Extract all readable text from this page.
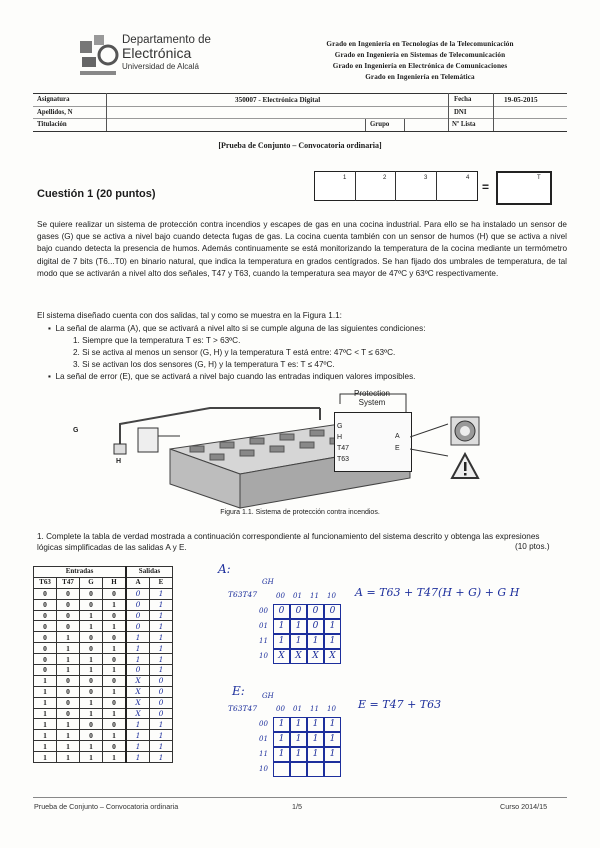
Departamento de
Electrónica
Universidad de Alcalá
Grado en Ingeniería en Tecnologías de la Telecomunicación
Grado en Ingeniería en Sistemas de Telecomunicación
Grado en Ingeniería en Electrónica de Comunicaciones
Grado en Ingeniería en Telemática
Asignatura	350007 - Electrónica Digital	Fecha	19-05-2015
Apellidos, N	DNI
Titulación	Grupo	Nº Lista
[Prueba de Conjunto – Convocatoria ordinaria]
Cuestión 1 (20 puntos)
1	2	3	4
=
T
Se quiere realizar un sistema de protección contra incendios y escapes de gas en una cocina industrial. Para ello se ha instalado un sensor de gases (G) que se activa a nivel bajo cuando detecta fugas de gas. La cocina cuenta también con un sensor de humos (H) que se activa a nivel bajo cuando detecta la presencia de humos. Además continuamente se está monitorizando la temperatura de la cocina mediante un termómetro digital de 7 bits (T6...T0) en binario natural, que indica la temperatura en grados centígrados. Se han fijado dos umbrales de temperatura, de tal modo que se activarán a nivel alto dos señales, T47 y T63, cuando la temperatura sea mayor de 47ºC y 63ºC respectivamente.
El sistema diseñado cuenta con dos salidas, tal y como se muestra en la Figura 1.1:
▪  La señal de alarma (A), que se activará a nivel alto si se cumple alguna de las siguientes condiciones:
1. Siempre que la temperatura T es: T > 63ºC.
2. Si se activa al menos un sensor (G, H) y la temperatura T está entre: 47ºC < T ≤ 63ºC.
3. Si se activan los dos sensores (G, H) y la temperatura T es: T ≤ 47ºC.
▪  La señal de error (E), que se activará a nivel bajo cuando las entradas indiquen valores imposibles.
G
H
Protection
System
G
H
T47
T63
A
E
Figura 1.1. Sistema de protección contra incendios.
1. Complete la tabla de verdad mostrada a continuación correspondiente al funcionamiento del sistema descrito y obtenga las expresiones lógicas simplificadas de las salidas A y E.	(10 ptos.)
Entradas				Salidas	
T63	T47	G	H	A	E
0	0	0	0	0	1
0	0	0	1	0	1
0	0	1	0	0	1
0	0	1	1	0	1
0	1	0	0	1	1
0	1	0	1	1	1
0	1	1	0	1	1
0	1	1	1	0	1
1	0	0	0	X	0
1	0	0	1	X	0
1	0	1	0	X	0
1	0	1	1	X	0
1	1	0	0	1	1
1	1	0	1	1	1
1	1	1	0	1	1
1	1	1	1	1	1
A:
GH
T63T47	00 01 11 10
00	0	0	0	0
01	1	1	0	1
11	1	1	1	1
10	X	X	X	X
A = T63 + T47(H + G) + G H
E: GH
T63T47	00 01 11 10
00	1	1	1	1
01	1	1	1	1
11	1	1	1	1
10
E = T47 + T63
Prueba de Conjunto – Convocatoria ordinaria	1/5	Curso 2014/15
